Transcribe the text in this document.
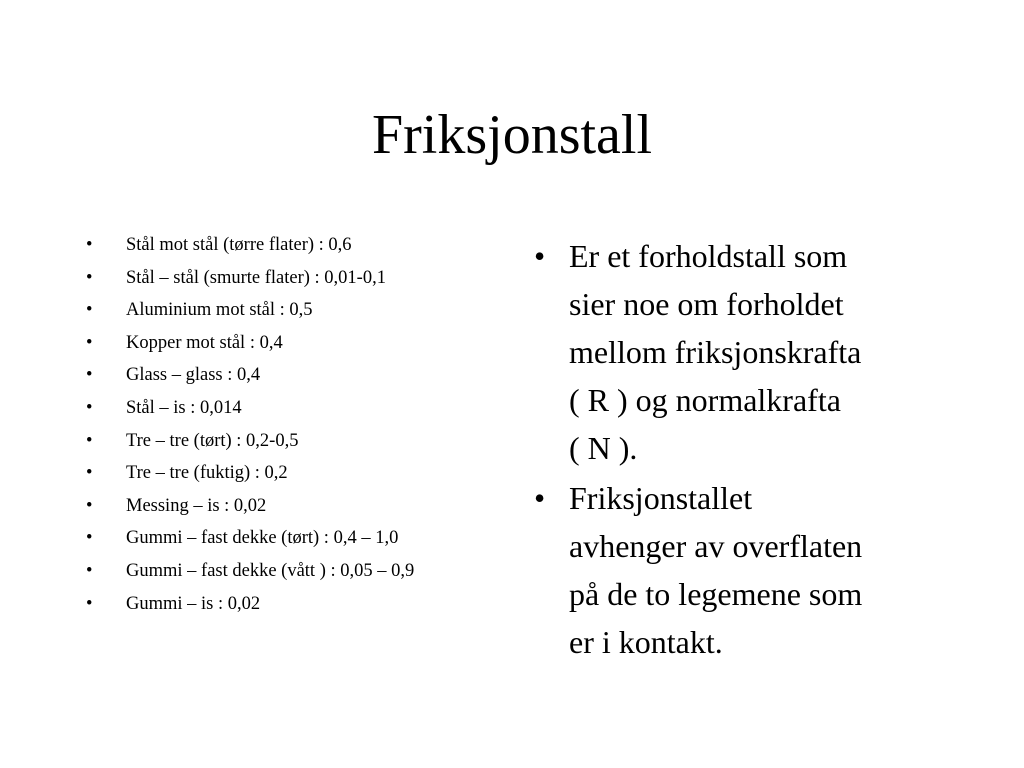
Friksjonstall
• Stål mot stål (tørre flater) : 0,6
• Stål – stål (smurte flater) : 0,01-0,1
• Aluminium mot stål : 0,5
• Kopper mot stål : 0,4
• Glass – glass : 0,4
• Stål – is : 0,014
• Tre – tre (tørt) : 0,2-0,5
• Tre – tre (fuktig) : 0,2
• Messing – is : 0,02
• Gummi – fast dekke (tørt) : 0,4 – 1,0
• Gummi – fast dekke (vått ) : 0,05 – 0,9
• Gummi – is : 0,02
• Er et forholdstall som
sier noe om forholdet
mellom friksjonskrafta
( R ) og normalkrafta
( N ).
• Friksjonstallet
avhenger av overflaten
på de to legemene som
er i kontakt.
